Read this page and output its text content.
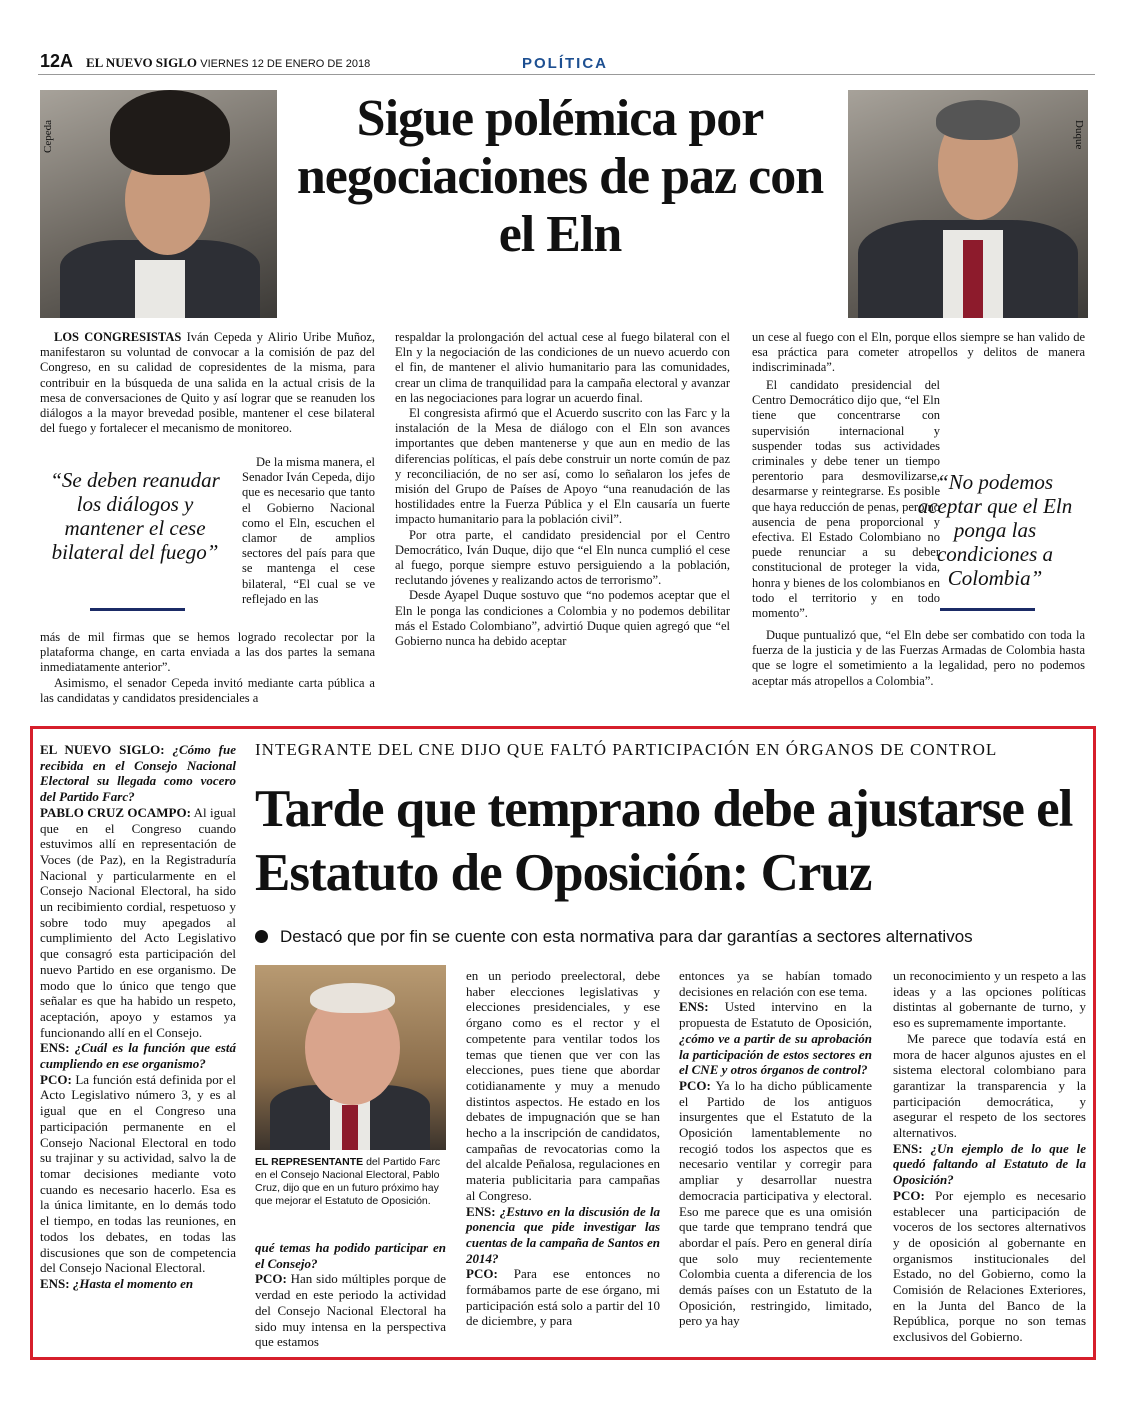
12A EL NUEVO SIGLO VIERNES 12 DE ENERO DE 2018	POLÍTICA
Cepeda	Duque
Sigue polémica por negociaciones de paz con el Eln

LOS CONGRESISTAS Iván Cepeda y Alirio Uribe Muñoz, manifestaron su voluntad de convocar a la comisión de paz del Congreso, en su calidad de copresidentes de la misma, para contribuir en la búsqueda de una salida en la actual crisis de la mesa de conversaciones de Quito y así lograr que se reanuden los diálogos a la mayor brevedad posible, mantener el cese bilateral del fuego y fortalecer el mecanismo de monitoreo.

“Se deben reanudar los diálogos y mantener el cese bilateral del fuego”

De la misma manera, el Senador Iván Cepeda, dijo que es necesario que tanto el Gobierno Nacional como el Eln, escuchen el clamor de amplios sectores del país para que se mantenga el cese bilateral, “El cual se ve reflejado en las

más de mil firmas que se hemos logrado recolectar por la plataforma change, en carta enviada a las dos partes la semana inmediatamente anterior”.

Asimismo, el senador Cepeda invitó mediante carta pública a las candidatas y candidatos presidenciales a

respaldar la prolongación del actual cese al fuego bilateral con el Eln y la negociación de las condiciones de un nuevo acuerdo con el fin, de mantener el alivio humanitario para las comunidades, crear un clima de tranquilidad para la campaña electoral y avanzar en las negociaciones para lograr un acuerdo final.

El congresista afirmó que el Acuerdo suscrito con las Farc y la instalación de la Mesa de diálogo con el Eln son avances importantes que deben mantenerse y que aun en medio de las diferencias políticas, el país debe construir un norte común de paz y reconciliación, de no ser así, como lo señalaron los jefes de misión del Grupo de Países de Apoyo “una reanudación de las hostilidades entre la Fuerza Pública y el Eln causaría un fuerte impacto humanitario para la población civil”.

Por otra parte, el candidato presidencial por el Centro Democrático, Iván Duque, dijo que “el Eln nunca cumplió el cese al fuego, porque siempre estuvo persiguiendo a la población, reclutando jóvenes y realizando actos de terrorismo”.

Desde Ayapel Duque sostuvo que “no podemos aceptar que el Eln le ponga las condiciones a Colombia y no podemos debilitar más el Estado Colombiano”, advirtió Duque quien agregó que “el Gobierno nunca ha debido aceptar

un cese al fuego con el Eln, porque ellos siempre se han valido de esa práctica para cometer atropellos y delitos de manera indiscriminada”.

El candidato presidencial del Centro Democrático dijo que, “el Eln tiene que concentrarse con supervisión internacional y suspender todas sus actividades criminales y debe tener un tiempo perentorio para desmovilizarse, desarmarse y reintegrarse. Es posible que haya reducción de penas, pero no ausencia de pena proporcional y efectiva. El Estado Colombiano no puede renunciar a su deber constitucional de proteger la vida, honra y bienes de los colombianos en todo el territorio y en todo momento”.

“No podemos aceptar que el Eln ponga las condiciones a Colombia”

Duque puntualizó que, “el Eln debe ser combatido con toda la fuerza de la justicia y de las Fuerzas Armadas de Colombia hasta que se logre el sometimiento a la legalidad, pero no podemos aceptar más atropellos a Colombia”.

INTEGRANTE DEL CNE DIJO QUE FALTÓ PARTICIPACIÓN EN ÓRGANOS DE CONTROL
Tarde que temprano debe ajustarse el Estatuto de Oposición: Cruz
Destacó que por fin se cuente con esta normativa para dar garantías a sectores alternativos

EL NUEVO SIGLO: ¿Cómo fue recibida en el Consejo Nacional Electoral su llegada como vocero del Partido Farc?

PABLO CRUZ OCAMPO: Al igual que en el Congreso cuando estuvimos allí en representación de Voces (de Paz), en la Registraduría Nacional y particularmente en el Consejo Nacional Electoral, ha sido un recibimiento cordial, respetuoso y sobre todo muy apegados al cumplimiento del Acto Legislativo que consagró esta participación del nuevo Partido en ese organismo. De modo que lo único que tengo que señalar es que ha habido un respeto, aceptación, apoyo y estamos ya funcionando allí en el Consejo.

ENS: ¿Cuál es la función que está cumpliendo en ese organismo?

PCO: La función está definida por el Acto Legislativo número 3, y es al igual que en el Congreso una participación permanente en el Consejo Nacional Electoral en todo su trajinar y su actividad, salvo la de tomar decisiones mediante voto cuando es necesario hacerlo. Esa es la única limitante, en lo demás todo el tiempo, en todas las reuniones, en todos los debates, en todas las discusiones que son de competencia del Consejo Nacional Electoral.

ENS: ¿Hasta el momento en

EL REPRESENTANTE del Partido Farc en el Consejo Nacional Electoral, Pablo Cruz, dijo que en un futuro próximo hay que mejorar el Estatuto de Oposición.

qué temas ha podido participar en el Consejo?

PCO: Han sido múltiples porque de verdad en este periodo la actividad del Consejo Nacional Electoral ha sido muy intensa en la perspectiva que estamos

en un periodo preelectoral, debe haber elecciones legislativas y elecciones presidenciales, y ese órgano como es el rector y el competente para ventilar todos los temas que tienen que ver con las elecciones, pues tiene que abordar cotidianamente y muy a menudo distintos aspectos. He estado en los debates de impugnación que se han hecho a la inscripción de candidatos, campañas de revocatorias como la del alcalde Peñalosa, regulaciones en materia publicitaria para campañas al Congreso.

ENS: ¿Estuvo en la discusión de la ponencia que pide investigar las cuentas de la campaña de Santos en 2014?

PCO: Para ese entonces no formábamos parte de ese órgano, mi participación está solo a partir del 10 de diciembre, y para

entonces ya se habían tomado decisiones en relación con ese tema.

ENS: Usted intervino en la propuesta de Estatuto de Oposición, ¿cómo ve a partir de su aprobación la participación de estos sectores en el CNE y otros órganos de control?

PCO: Ya lo ha dicho públicamente el Partido de los antiguos insurgentes que el Estatuto de la Oposición lamentablemente no recogió todos los aspectos que es necesario ventilar y corregir para ampliar y desarrollar nuestra democracia participativa y electoral. Eso me parece que es una omisión que tarde que temprano tendrá que abordar el país. Pero en general diría que solo muy recientemente Colombia cuenta a diferencia de los demás países con un Estatuto de la Oposición, restringido, limitado, pero ya hay

un reconocimiento y un respeto a las ideas y a las opciones políticas distintas al gobernante de turno, y eso es supremamente importante.

Me parece que todavía está en mora de hacer algunos ajustes en el sistema electoral colombiano para garantizar la transparencia y la participación democrática, y asegurar el respeto de los sectores alternativos.

ENS: ¿Un ejemplo de lo que le quedó faltando al Estatuto de la Oposición?

PCO: Por ejemplo es necesario establecer una participación de voceros de los sectores alternativos y de oposición al gobernante en organismos institucionales del Estado, no del Gobierno, como la Comisión de Relaciones Exteriores, en la Junta del Banco de la República, porque no son temas exclusivos del Gobierno.
